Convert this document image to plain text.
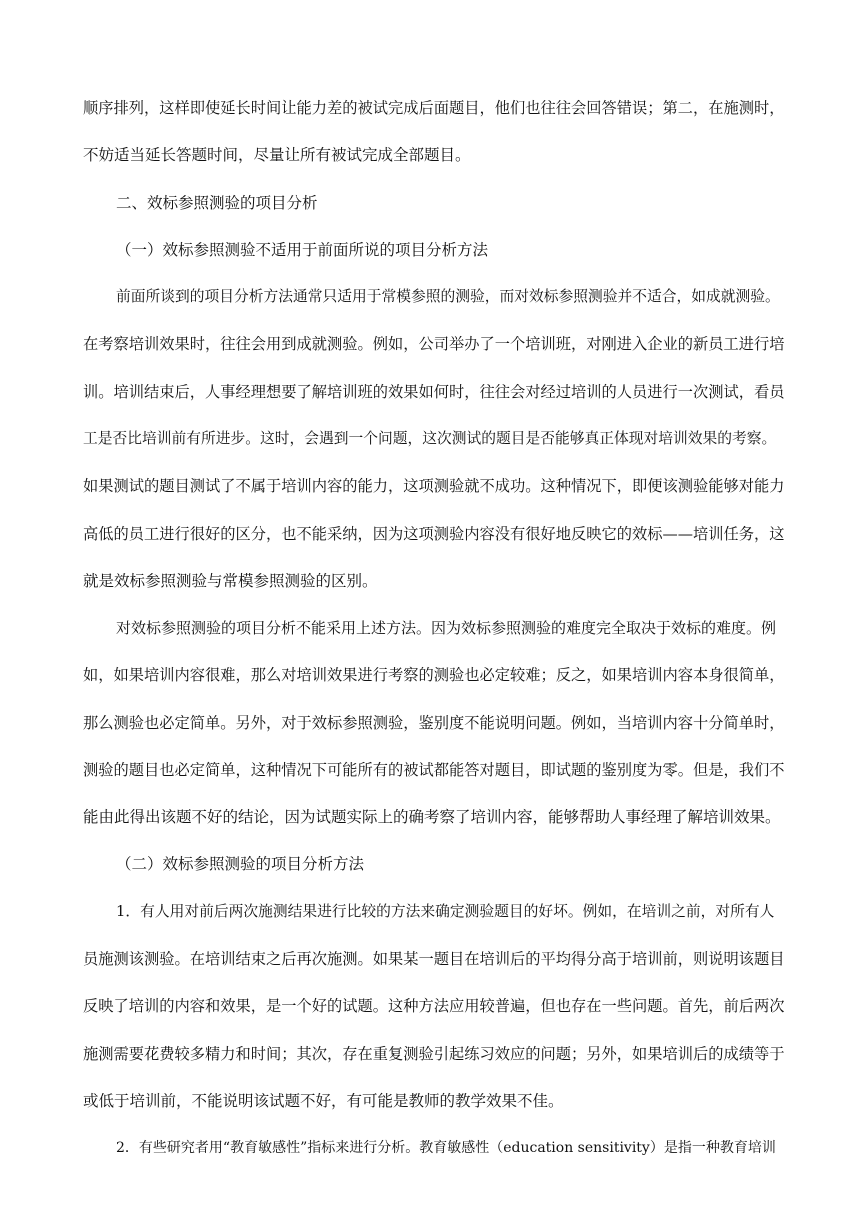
顺序排列，这样即使延长时间让能力差的被试完成后面题目，他们也往往会回答错误；第二，在施测时，
不妨适当延长答题时间，尽量让所有被试完成全部题目。
二、效标参照测验的项目分析
（一）效标参照测验不适用于前面所说的项目分析方法
前面所谈到的项目分析方法通常只适用于常模参照的测验，而对效标参照测验并不适合，如成就测验。
在考察培训效果时，往往会用到成就测验。例如，公司举办了一个培训班，对刚进入企业的新员工进行培
训。培训结束后，人事经理想要了解培训班的效果如何时，往往会对经过培训的人员进行一次测试，看员
工是否比培训前有所进步。这时，会遇到一个问题，这次测试的题目是否能够真正体现对培训效果的考察。
如果测试的题目测试了不属于培训内容的能力，这项测验就不成功。这种情况下，即便该测验能够对能力
高低的员工进行很好的区分，也不能采纳，因为这项测验内容没有很好地反映它的效标——培训任务，这
就是效标参照测验与常模参照测验的区别。
对效标参照测验的项目分析不能采用上述方法。因为效标参照测验的难度完全取决于效标的难度。例
如，如果培训内容很难，那么对培训效果进行考察的测验也必定较难；反之，如果培训内容本身很简单，
那么测验也必定简单。另外，对于效标参照测验，鉴别度不能说明问题。例如，当培训内容十分简单时，
测验的题目也必定简单，这种情况下可能所有的被试都能答对题目，即试题的鉴别度为零。但是，我们不
能由此得出该题不好的结论，因为试题实际上的确考察了培训内容，能够帮助人事经理了解培训效果。
（二）效标参照测验的项目分析方法
1．有人用对前后两次施测结果进行比较的方法来确定测验题目的好坏。例如，在培训之前，对所有人
员施测该测验。在培训结束之后再次施测。如果某一题目在培训后的平均得分高于培训前，则说明该题目
反映了培训的内容和效果，是一个好的试题。这种方法应用较普遍，但也存在一些问题。首先，前后两次
施测需要花费较多精力和时间；其次，存在重复测验引起练习效应的问题；另外，如果培训后的成绩等于
或低于培训前，不能说明该试题不好，有可能是教师的教学效果不佳。
2．有些研究者用“教育敏感性”指标来进行分析。教育敏感性（education sensitivity）是指一种教育培训
